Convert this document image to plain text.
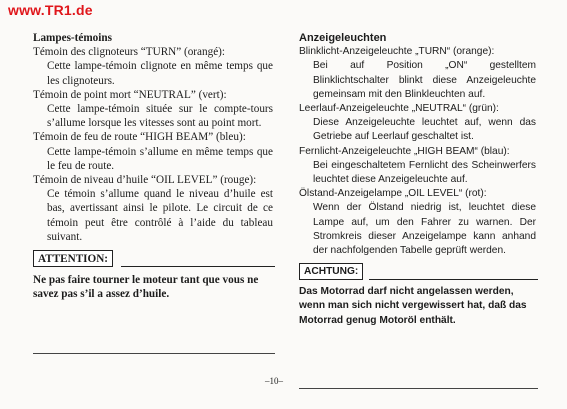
www.TR1.de
Lampes-témoins
Témoin des clignoteurs “TURN” (orangé):
Cette lampe-témoin clignote en même temps que les clignoteurs.
Témoin de point mort “NEUTRAL” (vert):
Cette lampe-témoin située sur le compte-tours s’allume lorsque les vitesses sont au point mort.
Témoin de feu de route “HIGH BEAM” (bleu):
Cette lampe-témoin s’allume en même temps que le feu de route.
Témoin de niveau d’huile “OIL LEVEL” (rouge):
Ce témoin s’allume quand le niveau d’huile est bas, avertissant ainsi le pilote. Le circuit de ce témoin peut être contrôlé à l’aide du tableau suivant.
ATTENTION:
Ne pas faire tourner le moteur tant que vous ne savez pas s’il a assez d’huile.
Anzeigeleuchten
Blinklicht-Anzeigeleuchte „TURN“ (orange):
Bei auf Position „ON“ gestelltem Blinklichtschalter blinkt diese Anzeigeleuchte gemeinsam mit den Blinkleuchten auf.
Leerlauf-Anzeigeleuchte „NEUTRAL“ (grün):
Diese Anzeigeleuchte leuchtet auf, wenn das Getriebe auf Leerlauf geschaltet ist.
Fernlicht-Anzeigeleuchte „HIGH BEAM“ (blau):
Bei eingeschaltetem Fernlicht des Scheinwerfers leuchtet diese Anzeigeleuchte auf.
Ölstand-Anzeigelampe „OIL LEVEL“ (rot):
Wenn der Ölstand niedrig ist, leuchtet diese Lampe auf, um den Fahrer zu warnen. Der Stromkreis dieser Anzeigelampe kann anhand der nachfolgenden Tabelle geprüft werden.
ACHTUNG:
Das Motorrad darf nicht angelassen werden, wenn man sich nicht vergewissert hat, daß das Motorrad genug Motoröl enthält.
–10–
